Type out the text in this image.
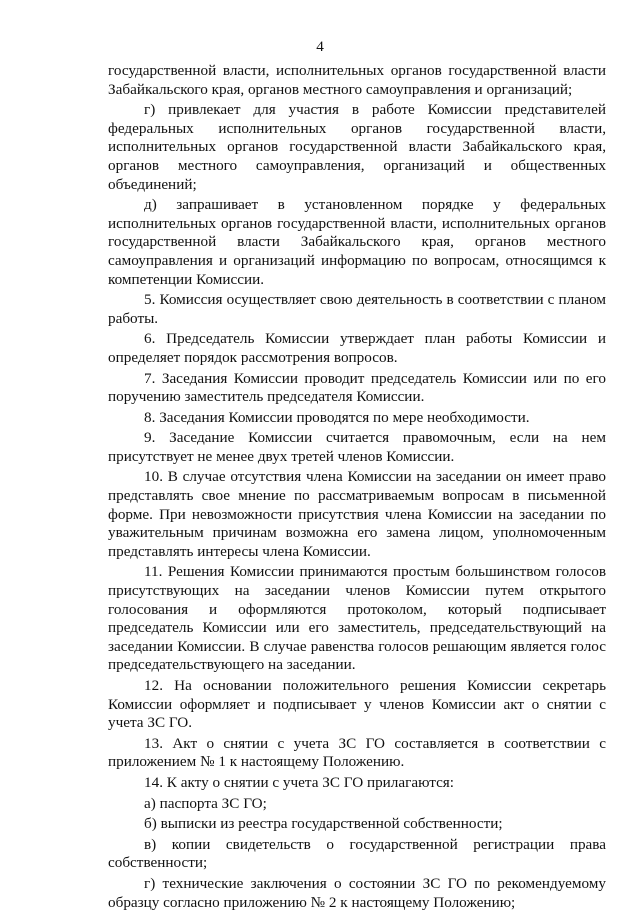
4

государственной власти, исполнительных органов государственной власти Забайкальского края, органов местного самоуправления и организаций;

г) привлекает для участия в работе Комиссии представителей федеральных исполнительных органов государственной власти, исполнительных органов государственной власти Забайкальского края, органов местного самоуправления, организаций и общественных объединений;

д) запрашивает в установленном порядке у федеральных исполнительных органов государственной власти, исполнительных органов государственной власти Забайкальского края, органов местного самоуправления и организаций информацию по вопросам, относящимся к компетенции Комиссии.

5. Комиссия осуществляет свою деятельность в соответствии с планом работы.

6. Председатель Комиссии утверждает план работы Комиссии и определяет порядок рассмотрения вопросов.

7. Заседания Комиссии проводит председатель Комиссии или по его поручению заместитель председателя Комиссии.

8. Заседания Комиссии проводятся по мере необходимости.

9. Заседание Комиссии считается правомочным, если на нем присутствует не менее двух третей членов Комиссии.

10. В случае отсутствия члена Комиссии на заседании он имеет право представлять свое мнение по рассматриваемым вопросам в письменной форме. При невозможности присутствия члена Комиссии на заседании по уважительным причинам возможна его замена лицом, уполномоченным представлять интересы члена Комиссии.

11. Решения Комиссии принимаются простым большинством голосов присутствующих на заседании членов Комиссии путем открытого голосования и оформляются протоколом, который подписывает председатель Комиссии или его заместитель, председательствующий на заседании Комиссии. В случае равенства голосов решающим является голос председательствующего на заседании.

12. На основании положительного решения Комиссии секретарь Комиссии оформляет и подписывает у членов Комиссии акт о снятии с учета ЗС ГО.

13. Акт о снятии с учета ЗС ГО составляется в соответствии с приложением № 1 к настоящему Положению.

14. К акту о снятии с учета ЗС ГО прилагаются:

а) паспорта ЗС ГО;

б) выписки из реестра государственной собственности;

в) копии свидетельств о государственной регистрации права собственности;

г) технические заключения о состоянии ЗС ГО по рекомендуемому образцу согласно приложению № 2 к настоящему Положению;
